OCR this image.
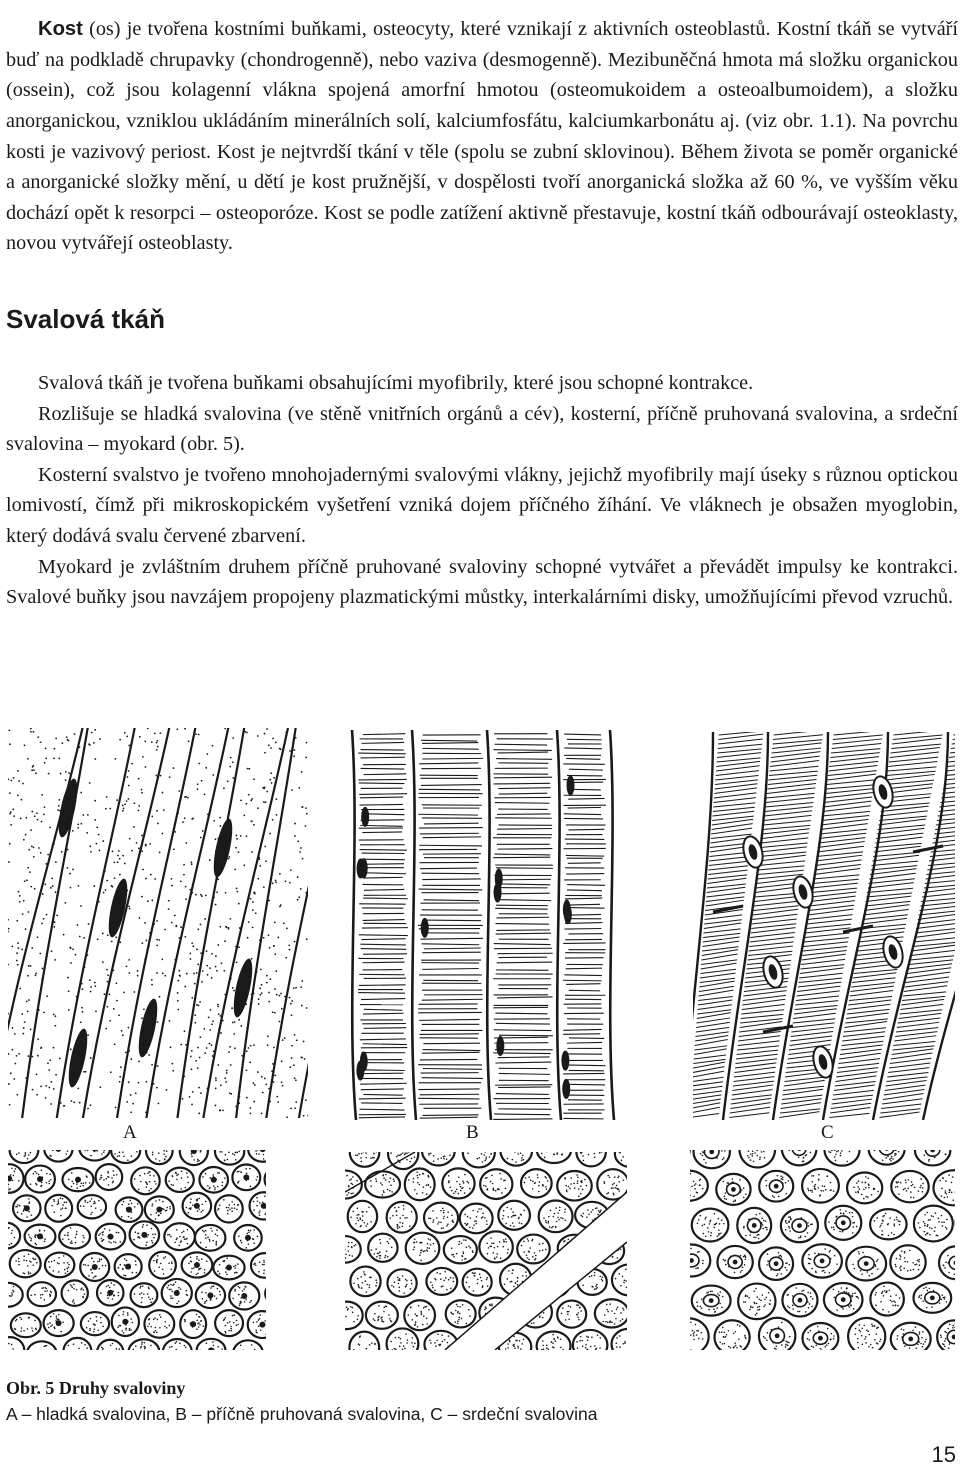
Kost (os) je tvořena kostními buňkami, osteocyty, které vznikají z aktivních osteoblastů. Kostní tkáň se vytváří buď na podkladě chrupavky (chondrogenně), nebo vaziva (desmogenně). Mezibuněčná hmota má složku organickou (ossein), což jsou kolagenní vlákna spojená amorfní hmotou (osteomukoidem a osteoalbumoidem), a složku anorganickou, vzniklou ukládáním minerálních solí, kalciumfosfátu, kalciumkarbonátu aj. (viz obr. 1.1). Na povrchu kosti je vazivový periost. Kost je nejtvrdší tkání v těle (spolu se zubní sklovinou). Během života se poměr organické a anorganické složky mění, u dětí je kost pružnější, v dospělosti tvoří anorganická složka až 60 %, ve vyšším věku dochází opět k resorpci – osteoporóze. Kost se podle zatížení aktivně přestavuje, kostní tkáň odbourávají osteoklasty, novou vytvářejí osteoblasty.

Svalová tkáň

Svalová tkáň je tvořena buňkami obsahujícími myofibrily, které jsou schopné kontrakce.

Rozlišuje se hladká svalovina (ve stěně vnitřních orgánů a cév), kosterní, příčně pruhovaná svalovina, a srdeční svalovina – myokard (obr. 5).

Kosterní svalstvo je tvořeno mnohojadernými svalovými vlákny, jejichž myofibrily mají úseky s různou optickou lomivostí, čímž při mikroskopickém vyšetření vzniká dojem příčného žíhání. Ve vláknech je obsažen myoglobin, který dodává svalu červené zbarvení.

Myokard je zvláštním druhem příčně pruhované svaloviny schopné vytvářet a převádět impulsy ke kontrakci. Svalové buňky jsou navzájem propojeny plazmatickými můstky, interkalárními disky, umožňujícími převod vzruchů.

A	B	C
Obr. 5 Druhy svaloviny
A – hladká svalovina, B – příčně pruhovaná svalovina, C – srdeční svalovina
15
